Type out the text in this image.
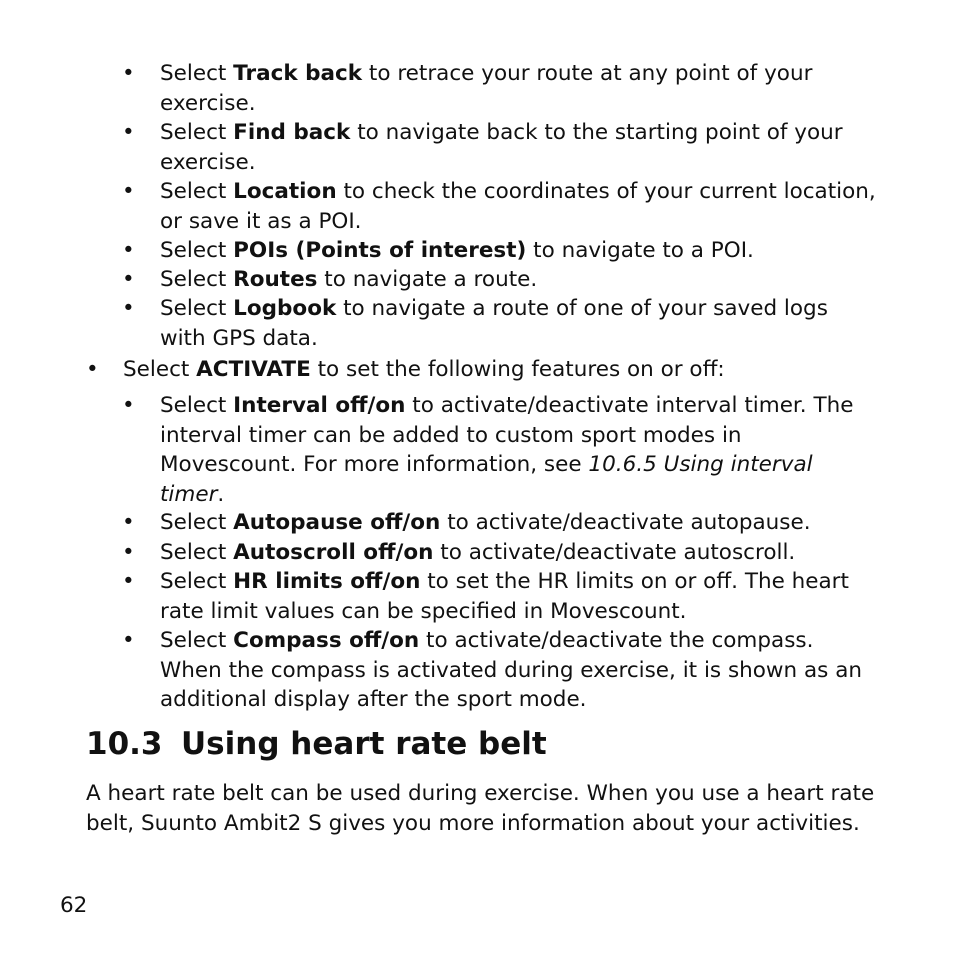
• Select Track back to retrace your route at any point of your exercise.
• Select Find back to navigate back to the starting point of your exercise.
• Select Location to check the coordinates of your current location, or save it as a POI.
• Select POIs (Points of interest) to navigate to a POI.
• Select Routes to navigate a route.
• Select Logbook to navigate a route of one of your saved logs with GPS data.
• Select ACTIVATE to set the following features on or off:
• Select Interval off/on to activate/deactivate interval timer. The interval timer can be added to custom sport modes in Movescount. For more information, see 10.6.5 Using interval timer.
• Select Autopause off/on to activate/deactivate autopause.
• Select Autoscroll off/on to activate/deactivate autoscroll.
• Select HR limits off/on to set the HR limits on or off. The heart rate limit values can be specified in Movescount.
• Select Compass off/on to activate/deactivate the compass. When the compass is activated during exercise, it is shown as an additional display after the sport mode.
10.3 Using heart rate belt

A heart rate belt can be used during exercise. When you use a heart rate belt, Suunto Ambit2 S gives you more information about your activities.

62
